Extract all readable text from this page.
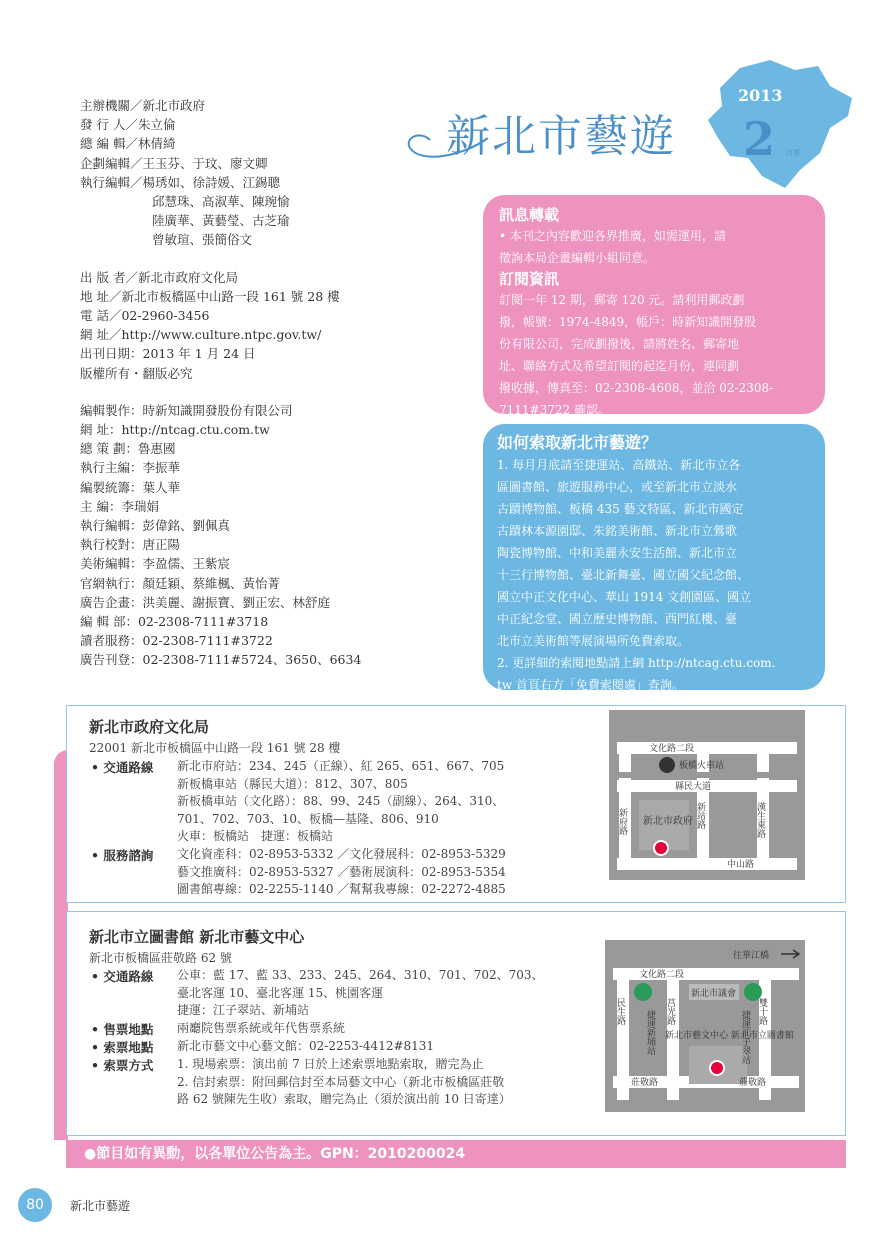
主辦機關／ 新北市政府
發 行 人／ 朱立倫
總 編 輯／ 林倩綺
企劃編輯／ 王玉芬、于玟、廖文卿
執行編輯／ 楊琇如、徐詩媛、江錫聰
邱慧珠、高淑華、陳琬愉
陸廣華、黃藝瑩、古芝瑜
曾敏瑄、張簡俗文
出 版 者／ 新北市政府文化局
地 址／ 新北市板橋區中山路一段 161 號 28 樓
電 話／ 02-2960-3456
網 址／ http://www.culture.ntpc.gov.tw/
出刊日期： 2013 年 1 月 24 日
版權所有・ 翻版必究
編輯製作： 時新知識開發股份有限公司
網 址： http://ntcag.ctu.com.tw
總 策 劃： 魯惠國
執行主編： 李振華
編製統籌： 葉人華
主 編： 李瑞娟
執行編輯： 彭偉銘、劉佩真
執行校對： 唐正陽
美術編輯： 李盈儒、王紫宸
官網執行： 顏廷穎、蔡維楓、黃怡菁
廣告企畫： 洪美麗、謝振寶、劉正宏、林舒庭
編 輯 部： 02-2308-7111#3718
讀者服務： 02-2308-7111#3722
廣告刊登： 02-2308-7111#5724、3650、6634
新北市藝遊
2013
2 月號
訊息轉載
• 本刊之內容歡迎各界推廣，如需運用，請
徵詢本局企畫編輯小組同意。
訂閱資訊
訂閱一年 12 期，郵寄 120 元。請利用郵政劃
撥，帳號：1974-4849，帳戶：時新知識開發股
份有限公司，完成劃撥後，請將姓名、郵寄地
址、聯絡方式及希望訂閱的起迄月份，連同劃
撥收據，傳真至：02-2308-4608，並洽 02-2308-
7111#3722 確認。
如何索取新北市藝遊？
1. 每月月底請至捷運站、高鐵站、新北市立各
區圖書館、旅遊服務中心，或至新北市立淡水
古蹟博物館、板橋 435 藝文特區、新北市國定
古蹟林本源園邸、朱銘美術館、新北市立鶯歌
陶瓷博物館、中和美麗永安生活館、新北市立
十三行博物館、臺北新舞臺、國立國父紀念館、
國立中正文化中心、華山 1914 文創園區、國立
中正紀念堂、國立歷史博物館、西門紅樓、臺
北市立美術館等展演場所免費索取。
2. 更詳細的索閱地點請上網 http://ntcag.ctu.com.
tw 首頁右方「免費索閱處」查詢。
新北市政府文化局
22001 新北市板橋區中山路一段 161 號 28 樓
• 交通路線 新北市府站：234、245（正線）、紅 265、651、667、705
新板橋車站（縣民大道）：812、307、805
新板橋車站（文化路）：88、99、245（副線）、264、310、
701、702、703、10、板橋—基隆、806、910
火車：板橋站　捷運：板橋站
• 服務諮詢 文化資產科：02-8953-5332 ／文化發展科：02-8953-5329
藝文推廣科：02-8953-5327 ／藝術展演科：02-8953-5354
圖書館專線：02-2255-1140 ／幫幫我專線：02-2272-4885
文化路二段
板橋火車站
縣民大道
新府路	新站路	漢生東路
新北市政府
中山路
新北市立圖書館 新北市藝文中心
新北市板橋區莊敬路 62 號
• 交通路線 公車：藍 17、藍 33、233、245、264、310、701、702、703、
臺北客運 10、臺北客運 15、桃園客運
捷運：江子翠站、新埔站
• 售票地點 兩廳院售票系統或年代售票系統
• 索票地點 新北市藝文中心藝文館：02-2253-4412#8131
• 索票方式 1. 現場索票：演出前 7 日於上述索票地點索取，贈完為止
2. 信封索票：附回郵信封至本局藝文中心（新北市板橋區莊敬
路 62 號陳先生收）索取，贈完為止（須於演出前 10 日寄達）
往華江橋
文化路二段
民生路	莒光路
捷運新埔站
新北市議會
雙十路
捷運江子翠站
新北市藝文中心 新北市立圖書館
莊敬路	莊敬路
●節目如有異動，以各單位公告為主。GPN：2010200024
80	新北市藝遊
